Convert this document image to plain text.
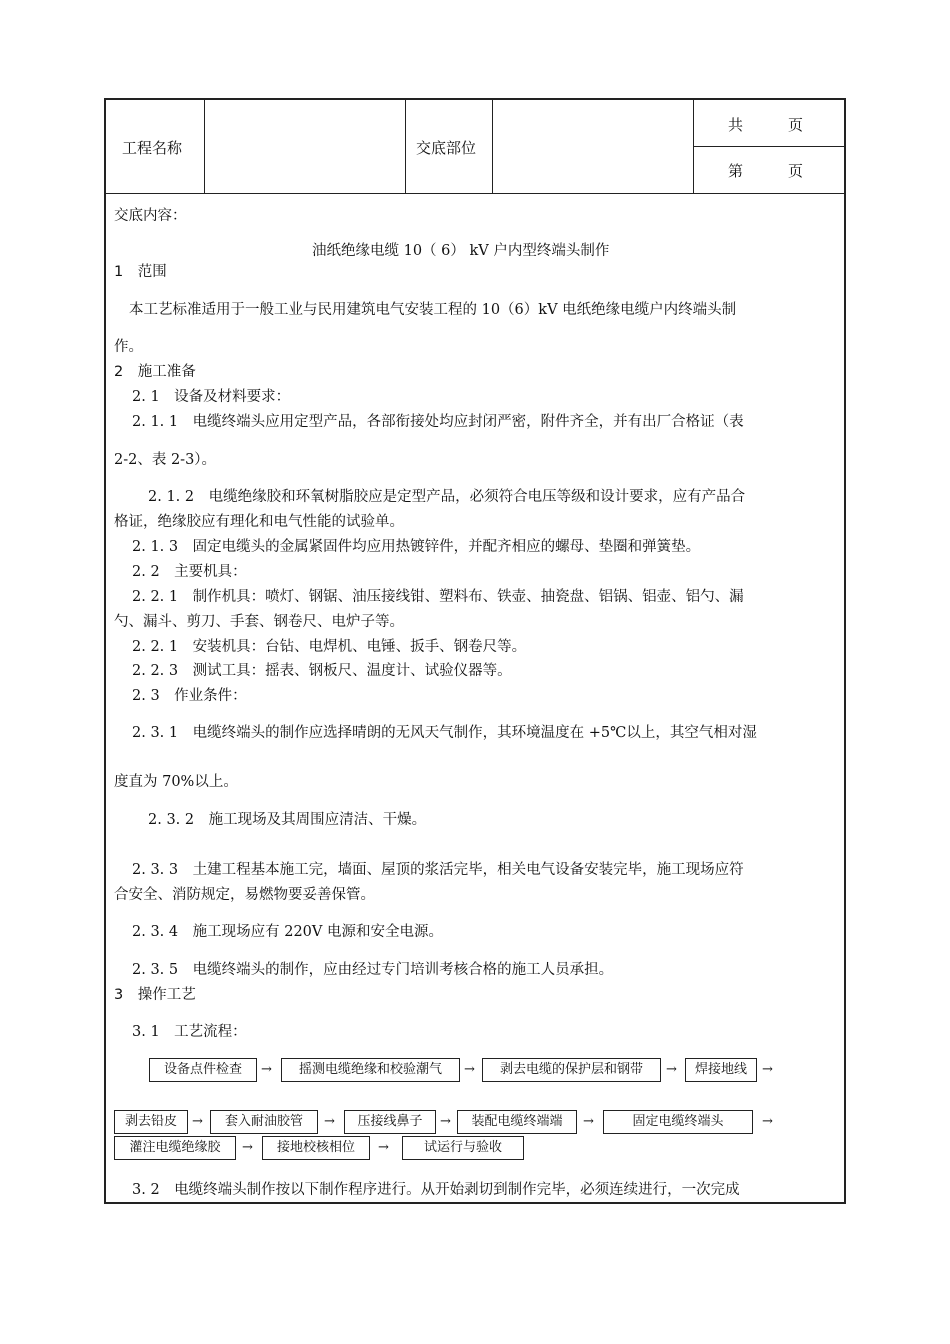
工程名称	交底部位
共　　　页
第　　　页
交底内容：
油纸绝缘电缆 10（ 6） kV 户内型终端头制作
1　范围
本工艺标准适用于一般工业与民用建筑电气安装工程的 10（6）kV 电纸绝缘电缆户内终端头制
作。
2　施工准备
2. 1　设备及材料要求：
2. 1. 1　电缆终端头应用定型产品，各部衔接处均应封闭严密，附件齐全，并有出厂合格证（表
2-2、表 2-3）。
2. 1. 2　电缆绝缘胶和环氧树脂胶应是定型产品，必须符合电压等级和设计要求，应有产品合
格证，绝缘胶应有理化和电气性能的试验单。
2. 1. 3　固定电缆头的金属紧固件均应用热镀锌件，并配齐相应的螺母、垫圈和弹簧垫。
2. 2　主要机具：
2. 2. 1　制作机具：喷灯、钢锯、油压接线钳、塑料布、铁壶、抽瓷盘、铝锅、铝壶、铝勺、漏
勺、漏斗、剪刀、手套、钢卷尺、电炉子等。
2. 2. 1　安装机具：台钻、电焊机、电锤、扳手、钢卷尺等。
2. 2. 3　测试工具：摇表、钢板尺、温度计、试验仪器等。
2. 3　作业条件：
2. 3. 1　电缆终端头的制作应选择晴朗的无风天气制作，其环境温度在 +5℃以上，其空气相对湿
度直为 70%以上。
2. 3. 2　施工现场及其周围应清洁、干燥。
2. 3. 3　土建工程基本施工完，墙面、屋顶的浆活完毕，相关电气设备安装完毕，施工现场应符
合安全、消防规定，易燃物要妥善保管。
2. 3. 4　施工现场应有 220V 电源和安全电源。
2. 3. 5　电缆终端头的制作，应由经过专门培训考核合格的施工人员承担。
3　操作工艺
3. 1　工艺流程：
设备点件检查	→	摇测电缆绝缘和校验潮气	→	剥去电缆的保护层和钢带	→	焊接地线	→
剥去铅皮	→	套入耐油胶管	→	压接线鼻子	→	装配电缆终端端	→	固定电缆终端头	→
灌注电缆绝缘胶	→	接地校核相位	→	试运行与验收
3. 2　电缆终端头制作按以下制作程序进行。从开始剥切到制作完毕，必须连续进行，一次完成
